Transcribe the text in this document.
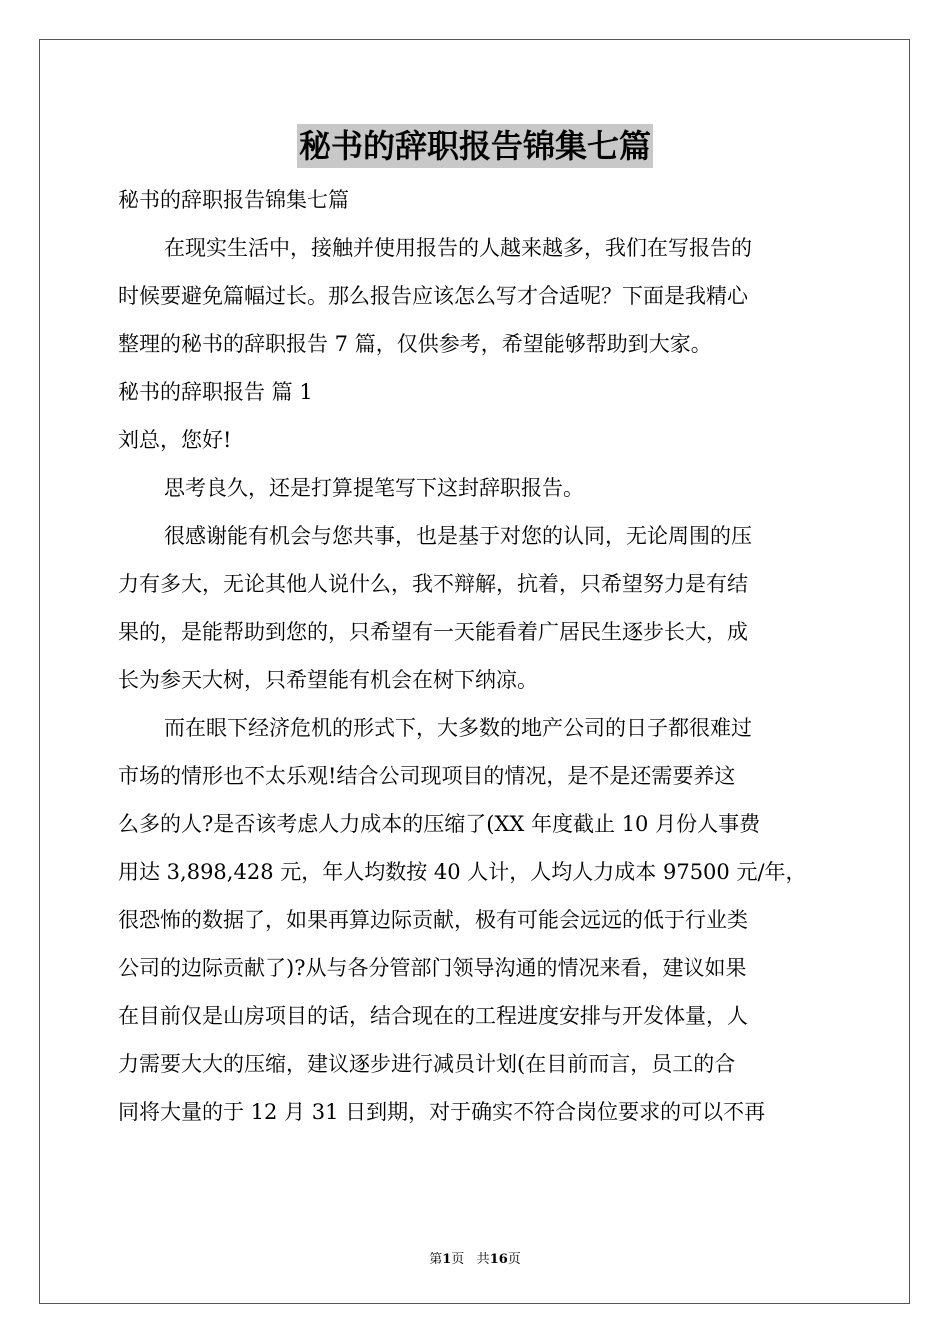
秘书的辞职报告锦集七篇
秘书的辞职报告锦集七篇
在现实生活中，接触并使用报告的人越来越多，我们在写报告的
时候要避免篇幅过长。那么报告应该怎么写才合适呢？下面是我精心
整理的秘书的辞职报告 7 篇，仅供参考，希望能够帮助到大家。
秘书的辞职报告 篇 1
刘总，您好!
思考良久，还是打算提笔写下这封辞职报告。
很感谢能有机会与您共事，也是基于对您的认同，无论周围的压
力有多大，无论其他人说什么，我不辩解，抗着，只希望努力是有结
果的，是能帮助到您的，只希望有一天能看着广居民生逐步长大，成
长为参天大树，只希望能有机会在树下纳凉。
而在眼下经济危机的形式下，大多数的地产公司的日子都很难过
市场的情形也不太乐观!结合公司现项目的情况，是不是还需要养这
么多的人?是否该考虑人力成本的压缩了(XX 年度截止 10 月份人事费
用达 3,898,428 元，年人均数按 40 人计，人均人力成本 97500 元/年，
很恐怖的数据了，如果再算边际贡献，极有可能会远远的低于行业类
公司的边际贡献了)?从与各分管部门领导沟通的情况来看，建议如果
在目前仅是山房项目的话，结合现在的工程进度安排与开发体量，人
力需要大大的压缩，建议逐步进行减员计划(在目前而言，员工的合
同将大量的于 12 月 31 日到期，对于确实不符合岗位要求的可以不再
第1页 共16页
